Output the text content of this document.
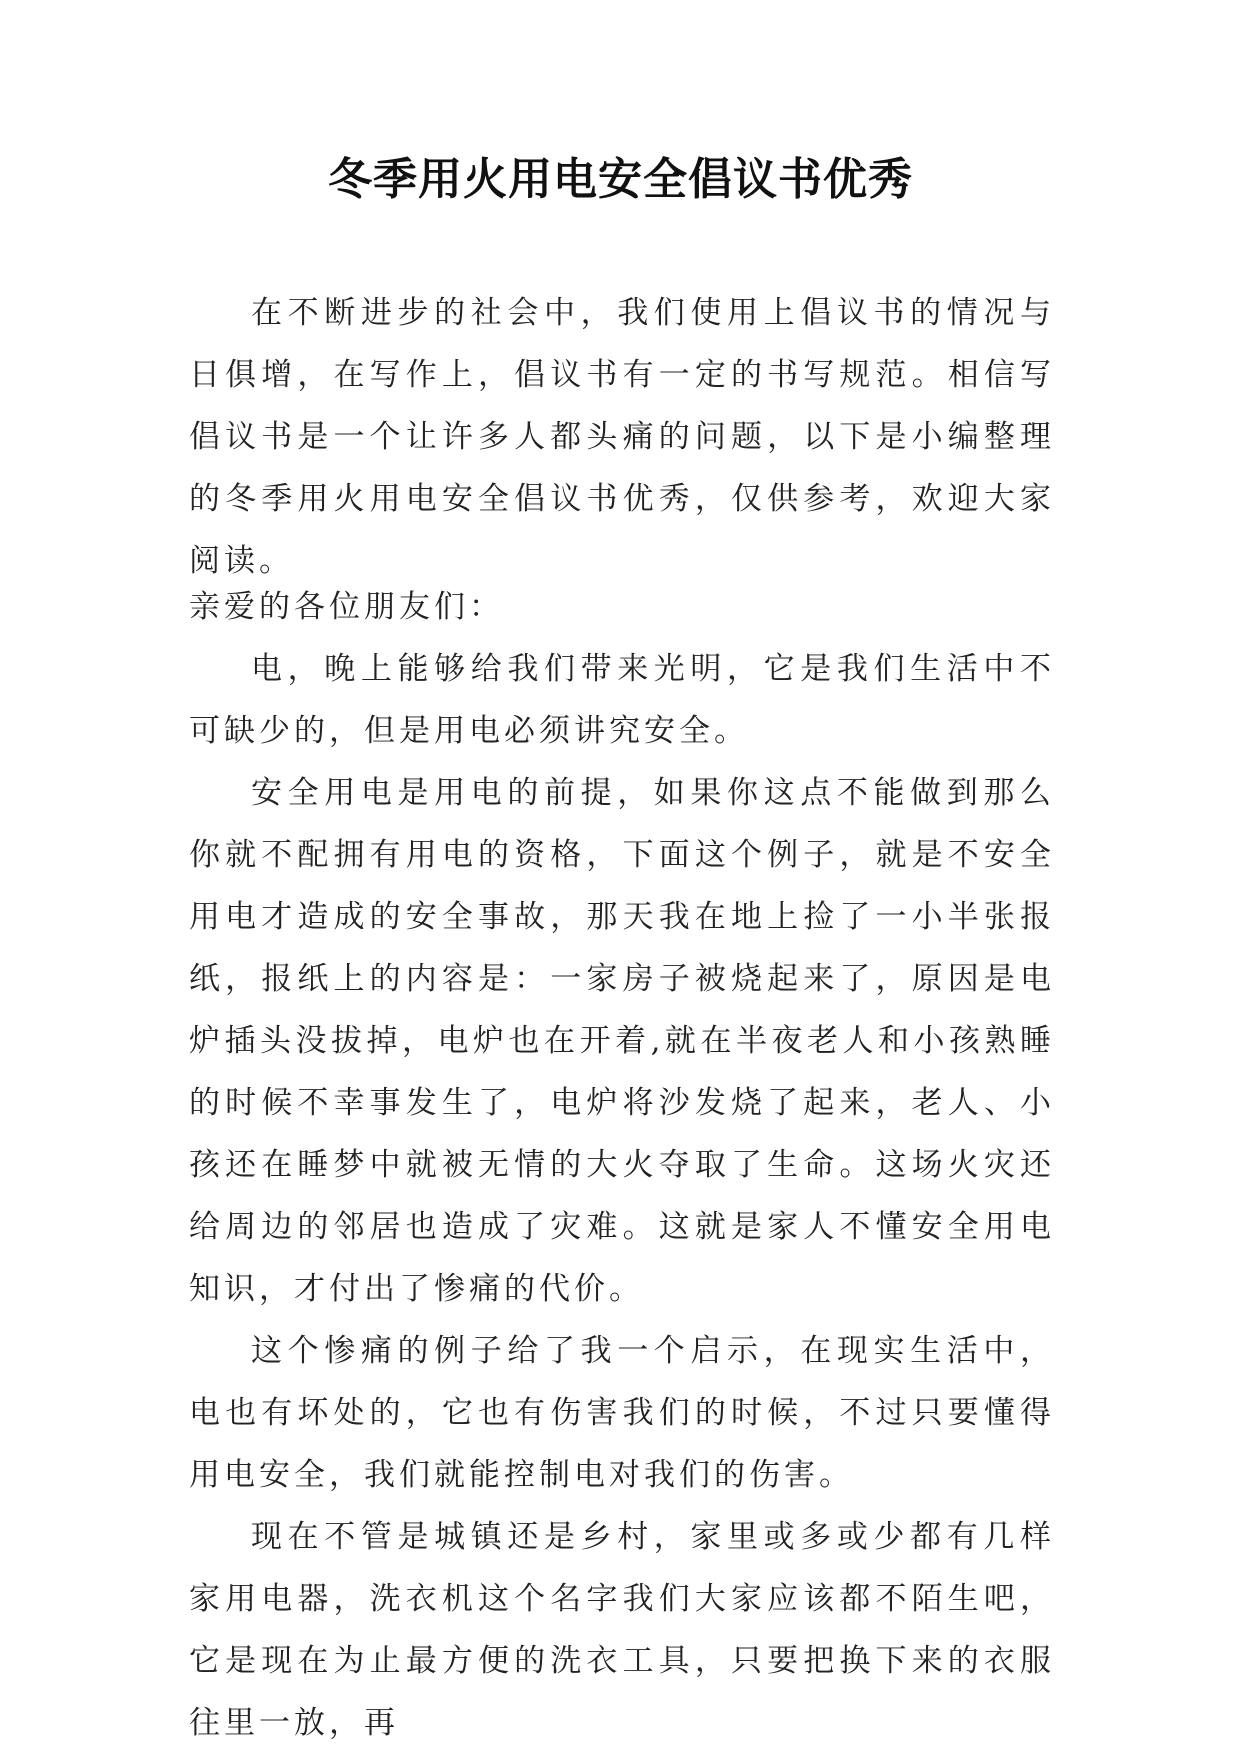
冬季用火用电安全倡议书优秀

在不断进步的社会中，我们使用上倡议书的情况与日俱增，在写作上，倡议书有一定的书写规范。相信写倡议书是一个让许多人都头痛的问题，以下是小编整理的冬季用火用电安全倡议书优秀，仅供参考，欢迎大家阅读。

亲爱的各位朋友们：

电，晚上能够给我们带来光明，它是我们生活中不可缺少的，但是用电必须讲究安全。

安全用电是用电的前提，如果你这点不能做到那么你就不配拥有用电的资格，下面这个例子，就是不安全用电才造成的安全事故，那天我在地上捡了一小半张报纸，报纸上的内容是：一家房子被烧起来了，原因是电炉插头没拔掉，电炉也在开着,就在半夜老人和小孩熟睡的时候不幸事发生了，电炉将沙发烧了起来，老人、小孩还在睡梦中就被无情的大火夺取了生命。这场火灾还给周边的邻居也造成了灾难。这就是家人不懂安全用电知识，才付出了惨痛的代价。

这个惨痛的例子给了我一个启示，在现实生活中，电也有坏处的，它也有伤害我们的时候，不过只要懂得用电安全，我们就能控制电对我们的伤害。

现在不管是城镇还是乡村，家里或多或少都有几样家用电器，洗衣机这个名字我们大家应该都不陌生吧，它是现在为止最方便的洗衣工具，只要把换下来的衣服往里一放，再
